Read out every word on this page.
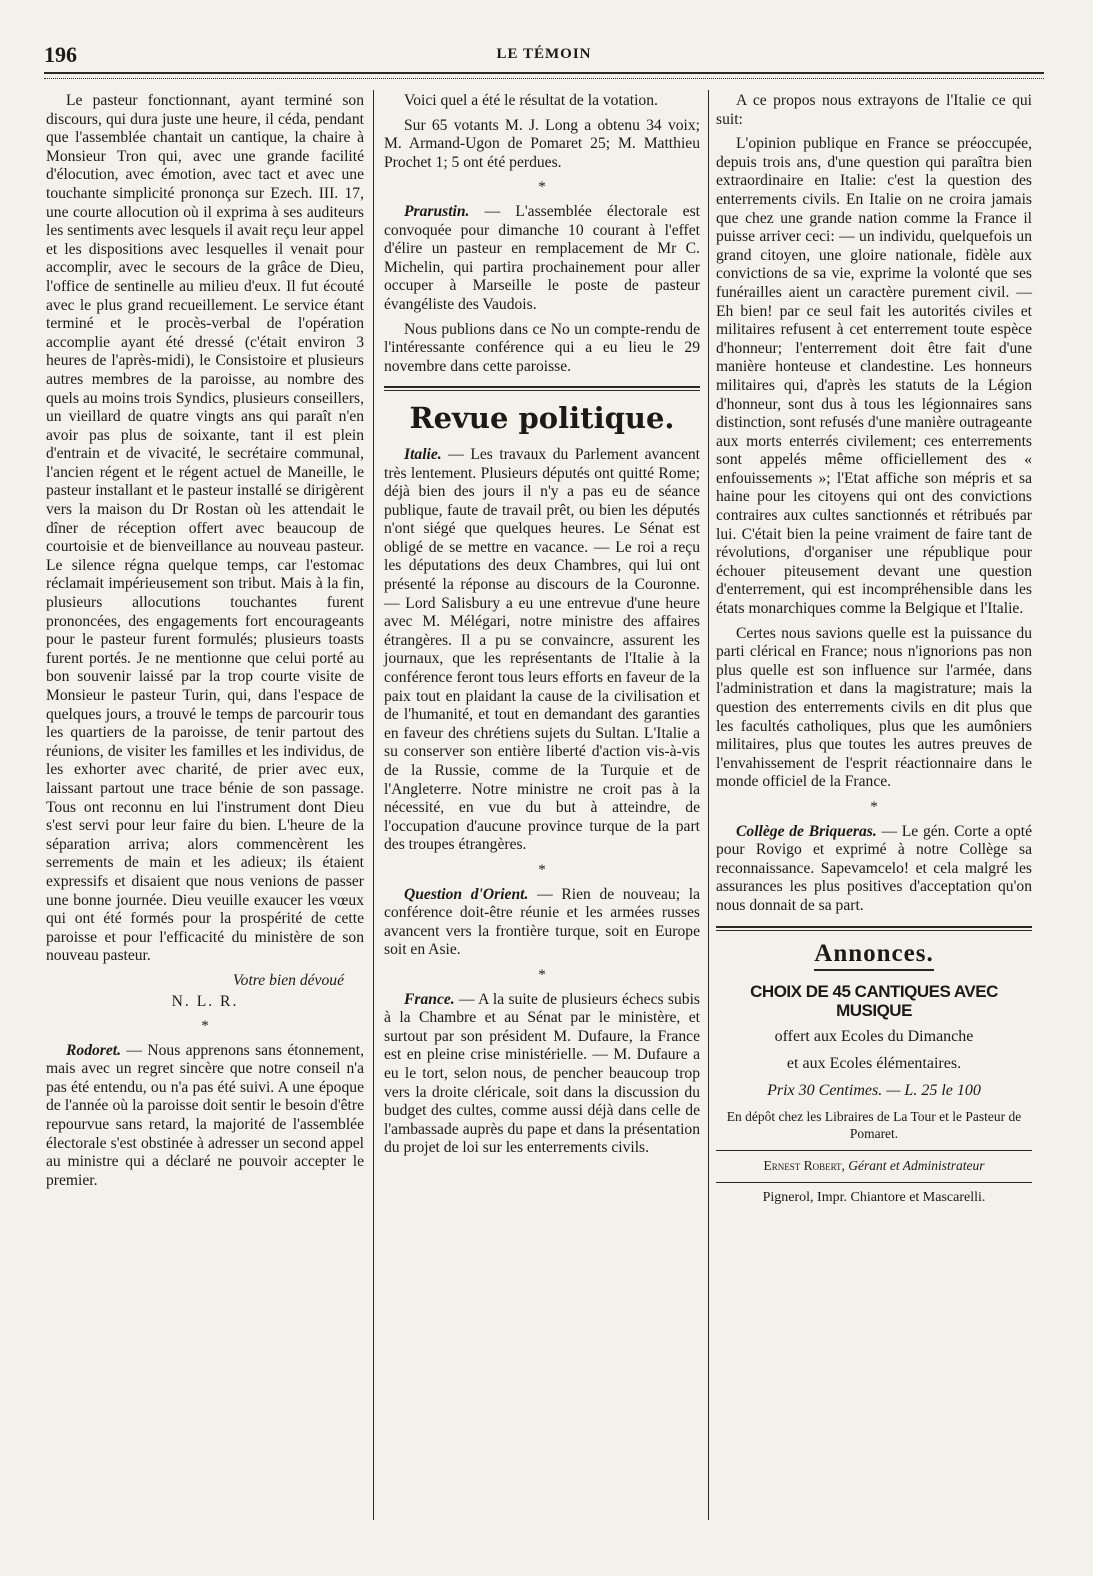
196	LE TÉMOIN

Le pasteur fonctionnant, ayant terminé son discours, qui dura juste une heure, il céda, pendant que l'assemblée chantait un cantique, la chaire à Monsieur Tron qui, avec une grande facilité d'élocution, avec émotion, avec tact et avec une touchante simplicité prononça sur Ezech. III. 17, une courte allocution où il exprima à ses auditeurs les sentiments avec lesquels il avait reçu leur appel et les dispositions avec lesquelles il venait pour accomplir, avec le secours de la grâce de Dieu, l'office de sentinelle au milieu d'eux. Il fut écouté avec le plus grand recueillement. Le service étant terminé et le procès-verbal de l'opération accomplie ayant été dressé (c'était environ 3 heures de l'après-midi), le Consistoire et plusieurs autres membres de la paroisse, au nombre des quels au moins trois Syndics, plusieurs conseillers, un vieillard de quatre vingts ans qui paraît n'en avoir pas plus de soixante, tant il est plein d'entrain et de vivacité, le secrétaire communal, l'ancien régent et le régent actuel de Maneille, le pasteur installant et le pasteur installé se dirigèrent vers la maison du Dr Rostan où les attendait le dîner de réception offert avec beaucoup de courtoisie et de bienveillance au nouveau pasteur. Le silence régna quelque temps, car l'estomac réclamait impérieusement son tribut. Mais à la fin, plusieurs allocutions touchantes furent prononcées, des engagements fort encourageants pour le pasteur furent formulés; plusieurs toasts furent portés. Je ne mentionne que celui porté au bon souvenir laissé par la trop courte visite de Monsieur le pasteur Turin, qui, dans l'espace de quelques jours, a trouvé le temps de parcourir tous les quartiers de la paroisse, de tenir partout des réunions, de visiter les familles et les individus, de les exhorter avec charité, de prier avec eux, laissant partout une trace bénie de son passage. Tous ont reconnu en lui l'instrument dont Dieu s'est servi pour leur faire du bien. L'heure de la séparation arriva; alors commencèrent les serrements de main et les adieux; ils étaient expressifs et disaient que nous venions de passer une bonne journée. Dieu veuille exaucer les vœux qui ont été formés pour la prospérité de cette paroisse et pour l'efficacité du ministère de son nouveau pasteur.

Votre bien dévoué

N. L. R.

*

Rodoret. — Nous apprenons sans étonnement, mais avec un regret sincère que notre conseil n'a pas été entendu, ou n'a pas été suivi. A une époque de l'année où la paroisse doit sentir le besoin d'être repourvue sans retard, la majorité de l'assemblée électorale s'est obstinée à adresser un second appel au ministre qui a déclaré ne pouvoir accepter le premier.

Voici quel a été le résultat de la votation.

Sur 65 votants M. J. Long a obtenu 34 voix; M. Armand-Ugon de Pomaret 25; M. Matthieu Prochet 1; 5 ont été perdues.

*

Prarustin. — L'assemblée électorale est convoquée pour dimanche 10 courant à l'effet d'élire un pasteur en remplacement de Mr C. Michelin, qui partira prochainement pour aller occuper à Marseille le poste de pasteur évangéliste des Vaudois.

Nous publions dans ce No un compte-rendu de l'intéressante conférence qui a eu lieu le 29 novembre dans cette paroisse.

Revue politique.

Italie. — Les travaux du Parlement avancent très lentement. Plusieurs députés ont quitté Rome; déjà bien des jours il n'y a pas eu de séance publique, faute de travail prêt, ou bien les députés n'ont siégé que quelques heures. Le Sénat est obligé de se mettre en vacance. — Le roi a reçu les députations des deux Chambres, qui lui ont présenté la réponse au discours de la Couronne. — Lord Salisbury a eu une entrevue d'une heure avec M. Mélégari, notre ministre des affaires étrangères. Il a pu se convaincre, assurent les journaux, que les représentants de l'Italie à la conférence feront tous leurs efforts en faveur de la paix tout en plaidant la cause de la civilisation et de l'humanité, et tout en demandant des garanties en faveur des chrétiens sujets du Sultan. L'Italie a su conserver son entière liberté d'action vis-à-vis de la Russie, comme de la Turquie et de l'Angleterre. Notre ministre ne croit pas à la nécessité, en vue du but à atteindre, de l'occupation d'aucune province turque de la part des troupes étrangères.

*

Question d'Orient. — Rien de nouveau; la conférence doit-être réunie et les armées russes avancent vers la frontière turque, soit en Europe soit en Asie.

*

France. — A la suite de plusieurs échecs subis à la Chambre et au Sénat par le ministère, et surtout par son président M. Dufaure, la France est en pleine crise ministérielle. — M. Dufaure a eu le tort, selon nous, de pencher beaucoup trop vers la droite cléricale, soit dans la discussion du budget des cultes, comme aussi déjà dans celle de l'ambassade auprès du pape et dans la présentation du projet de loi sur les enterrements civils.

A ce propos nous extrayons de l'Italie ce qui suit:

L'opinion publique en France se préoccupée, depuis trois ans, d'une question qui paraîtra bien extraordinaire en Italie: c'est la question des enterrements civils. En Italie on ne croira jamais que chez une grande nation comme la France il puisse arriver ceci: — un individu, quelquefois un grand citoyen, une gloire nationale, fidèle aux convictions de sa vie, exprime la volonté que ses funérailles aient un caractère purement civil. — Eh bien! par ce seul fait les autorités civiles et militaires refusent à cet enterrement toute espèce d'honneur; l'enterrement doit être fait d'une manière honteuse et clandestine. Les honneurs militaires qui, d'après les statuts de la Légion d'honneur, sont dus à tous les légionnaires sans distinction, sont refusés d'une manière outrageante aux morts enterrés civilement; ces enterrements sont appelés même officiellement des « enfouissements »; l'Etat affiche son mépris et sa haine pour les citoyens qui ont des convictions contraires aux cultes sanctionnés et rétribués par lui. C'était bien la peine vraiment de faire tant de révolutions, d'organiser une république pour échouer piteusement devant une question d'enterrement, qui est incompréhensible dans les états monarchiques comme la Belgique et l'Italie.

Certes nous savions quelle est la puissance du parti clérical en France; nous n'ignorions pas non plus quelle est son influence sur l'armée, dans l'administration et dans la magistrature; mais la question des enterrements civils en dit plus que les facultés catholiques, plus que les aumôniers militaires, plus que toutes les autres preuves de l'envahissement de l'esprit réactionnaire dans le monde officiel de la France.

*

Collège de Briqueras. — Le gén. Corte a opté pour Rovigo et exprimé à notre Collège sa reconnaissance. Sapevamcelo! et cela malgré les assurances les plus positives d'acceptation qu'on nous donnait de sa part.

Annonces.

CHOIX DE 45 CANTIQUES AVEC MUSIQUE

offert aux Ecoles du Dimanche

et aux Ecoles élémentaires.

Prix 30 Centimes. — L. 25 le 100

En dépôt chez les Libraires de La Tour et le Pasteur de Pomaret.

Ernest Robert, Gérant et Administrateur

Pignerol, Impr. Chiantore et Mascarelli.
